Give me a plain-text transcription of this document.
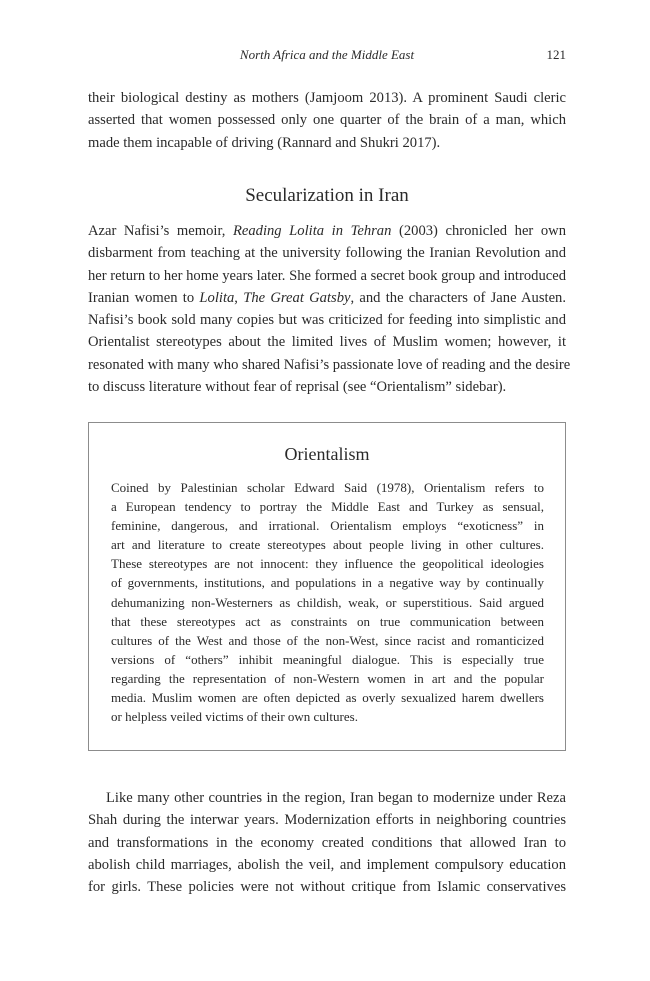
North Africa and the Middle East	121
their biological destiny as mothers (Jamjoom 2013). A prominent Saudi cleric
asserted that women possessed only one quarter of the brain of a man, which
made them incapable of driving (Rannard and Shukri 2017).
Secularization in Iran
Azar Nafisi’s memoir, Reading Lolita in Tehran (2003) chronicled her own
disbarment from teaching at the university following the Iranian Revolution and
her return to her home years later. She formed a secret book group and introduced
Iranian women to Lolita, The Great Gatsby, and the characters of Jane Austen.
Nafisi’s book sold many copies but was criticized for feeding into simplistic and
Orientalist stereotypes about the limited lives of Muslim women; however, it
resonated with many who shared Nafisi’s passionate love of reading and the desire
to discuss literature without fear of reprisal (see “Orientalism” sidebar).
Orientalism
Coined by Palestinian scholar Edward Said (1978), Orientalism refers to
a European tendency to portray the Middle East and Turkey as sensual,
feminine, dangerous, and irrational. Orientalism employs “exoticness” in
art and literature to create stereotypes about people living in other cultures.
These stereotypes are not innocent: they influence the geopolitical ideologies
of governments, institutions, and populations in a negative way by continually
dehumanizing non-Westerners as childish, weak, or superstitious. Said argued
that these stereotypes act as constraints on true communication between
cultures of the West and those of the non-West, since racist and romanticized
versions of “others” inhibit meaningful dialogue. This is especially true
regarding the representation of non-Western women in art and the popular
media. Muslim women are often depicted as overly sexualized harem dwellers
or helpless veiled victims of their own cultures.
Like many other countries in the region, Iran began to modernize under Reza
Shah during the interwar years. Modernization efforts in neighboring countries
and transformations in the economy created conditions that allowed Iran to
abolish child marriages, abolish the veil, and implement compulsory education
for girls. These policies were not without critique from Islamic conservatives
